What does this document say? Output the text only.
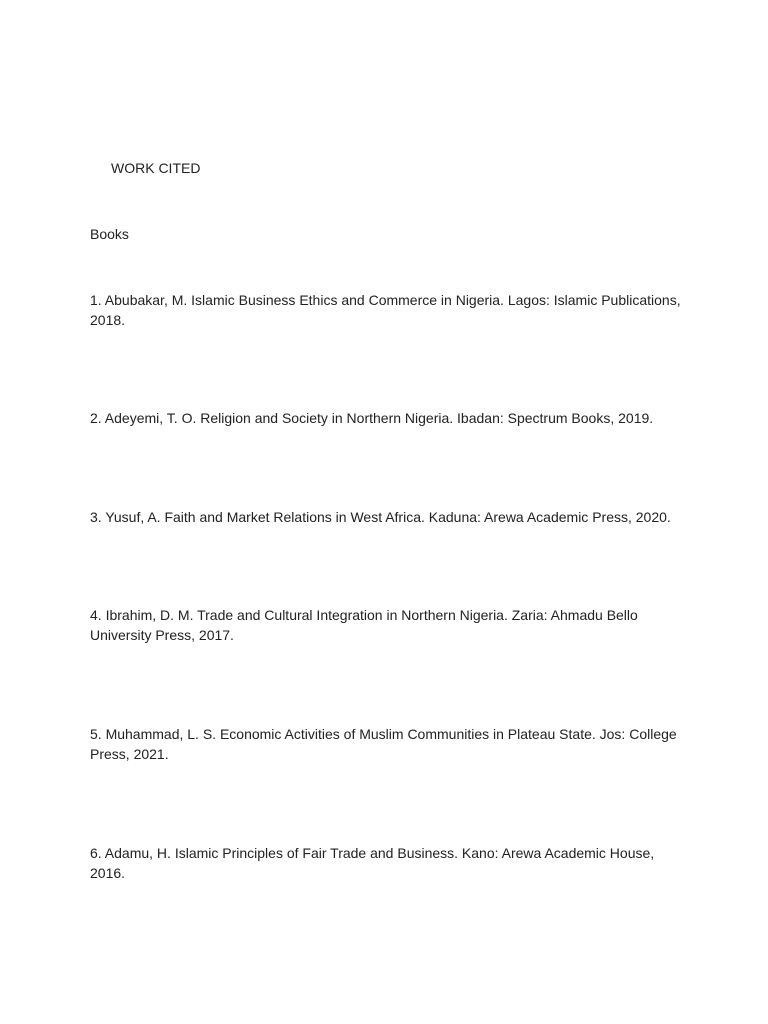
WORK CITED

Books

1. Abubakar, M. Islamic Business Ethics and Commerce in Nigeria. Lagos: Islamic Publications, 2018.

2. Adeyemi, T. O. Religion and Society in Northern Nigeria. Ibadan: Spectrum Books, 2019.

3. Yusuf, A. Faith and Market Relations in West Africa. Kaduna: Arewa Academic Press, 2020.

4. Ibrahim, D. M. Trade and Cultural Integration in Northern Nigeria. Zaria: Ahmadu Bello University Press, 2017.

5. Muhammad, L. S. Economic Activities of Muslim Communities in Plateau State. Jos: College Press, 2021.

6. Adamu, H. Islamic Principles of Fair Trade and Business. Kano: Arewa Academic House, 2016.
